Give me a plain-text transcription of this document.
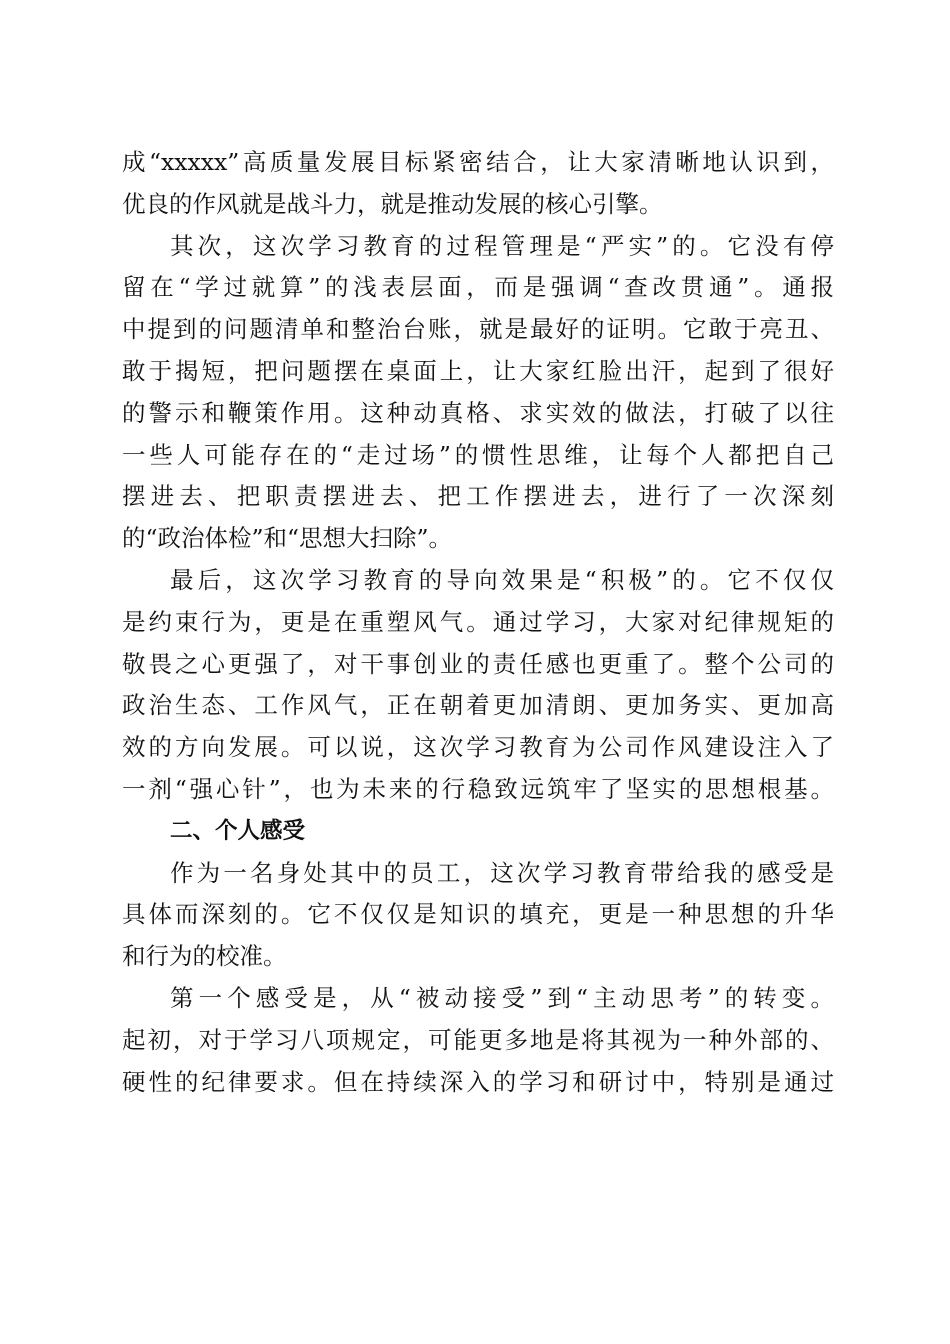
成“xxxxx”高质量发展目标紧密结合，让大家清晰地认识到，
优良的作风就是战斗力，就是推动发展的核心引擎。
其次，这次学习教育的过程管理是“严实”的。它没有停
留在“学过就算”的浅表层面，而是强调“查改贯通”。通报
中提到的问题清单和整治台账，就是最好的证明。它敢于亮丑、
敢于揭短，把问题摆在桌面上，让大家红脸出汗，起到了很好
的警示和鞭策作用。这种动真格、求实效的做法，打破了以往
一些人可能存在的“走过场”的惯性思维，让每个人都把自己
摆进去、把职责摆进去、把工作摆进去，进行了一次深刻
的“政治体检”和“思想大扫除”。
最后，这次学习教育的导向效果是“积极”的。它不仅仅
是约束行为，更是在重塑风气。通过学习，大家对纪律规矩的
敬畏之心更强了，对干事创业的责任感也更重了。整个公司的
政治生态、工作风气，正在朝着更加清朗、更加务实、更加高
效的方向发展。可以说，这次学习教育为公司作风建设注入了
一剂“强心针”，也为未来的行稳致远筑牢了坚实的思想根基。
二、个人感受
作为一名身处其中的员工，这次学习教育带给我的感受是
具体而深刻的。它不仅仅是知识的填充，更是一种思想的升华
和行为的校准。
第一个感受是，从“被动接受”到“主动思考”的转变。
起初，对于学习八项规定，可能更多地是将其视为一种外部的、
硬性的纪律要求。但在持续深入的学习和研讨中，特别是通过
